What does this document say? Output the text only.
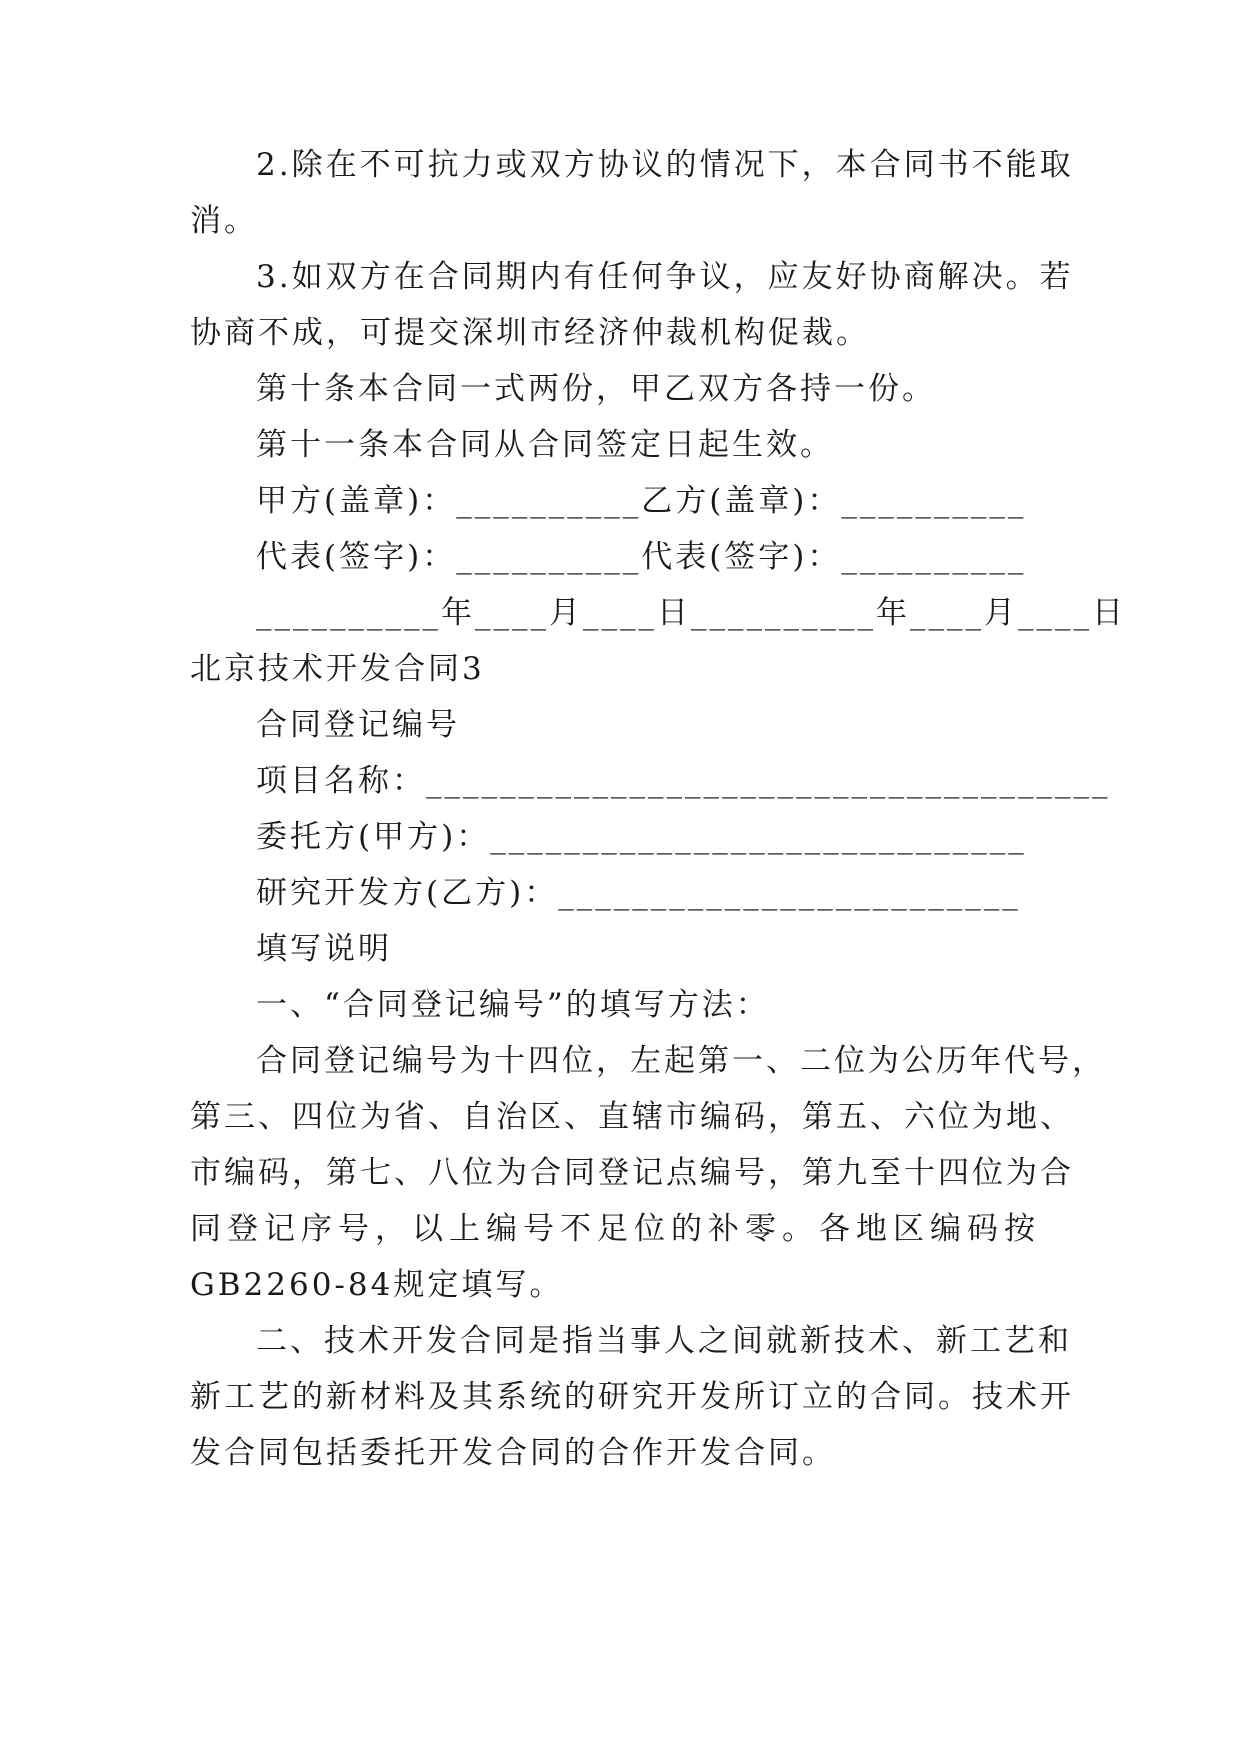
2.除在不可抗力或双方协议的情况下，本合同书不能取
消。
3.如双方在合同期内有任何争议，应友好协商解决。若
协商不成，可提交深圳市经济仲裁机构促裁。
第十条本合同一式两份，甲乙双方各持一份。
第十一条本合同从合同签定日起生效。
甲方(盖章)：__________乙方(盖章)：__________
代表(签字)：__________代表(签字)：__________
__________年____月____日__________年____月____日
北京技术开发合同3
合同登记编号
项目名称：_____________________________________
委托方(甲方)：_____________________________
研究开发方(乙方)：_________________________
填写说明
一、“合同登记编号”的填写方法：
合同登记编号为十四位，左起第一、二位为公历年代号，
第三、四位为省、自治区、直辖市编码，第五、六位为地、
市编码，第七、八位为合同登记点编号，第九至十四位为合
同登记序号，以上编号不足位的补零。各地区编码按
GB2260-84规定填写。
二、技术开发合同是指当事人之间就新技术、新工艺和
新工艺的新材料及其系统的研究开发所订立的合同。技术开
发合同包括委托开发合同的合作开发合同。
